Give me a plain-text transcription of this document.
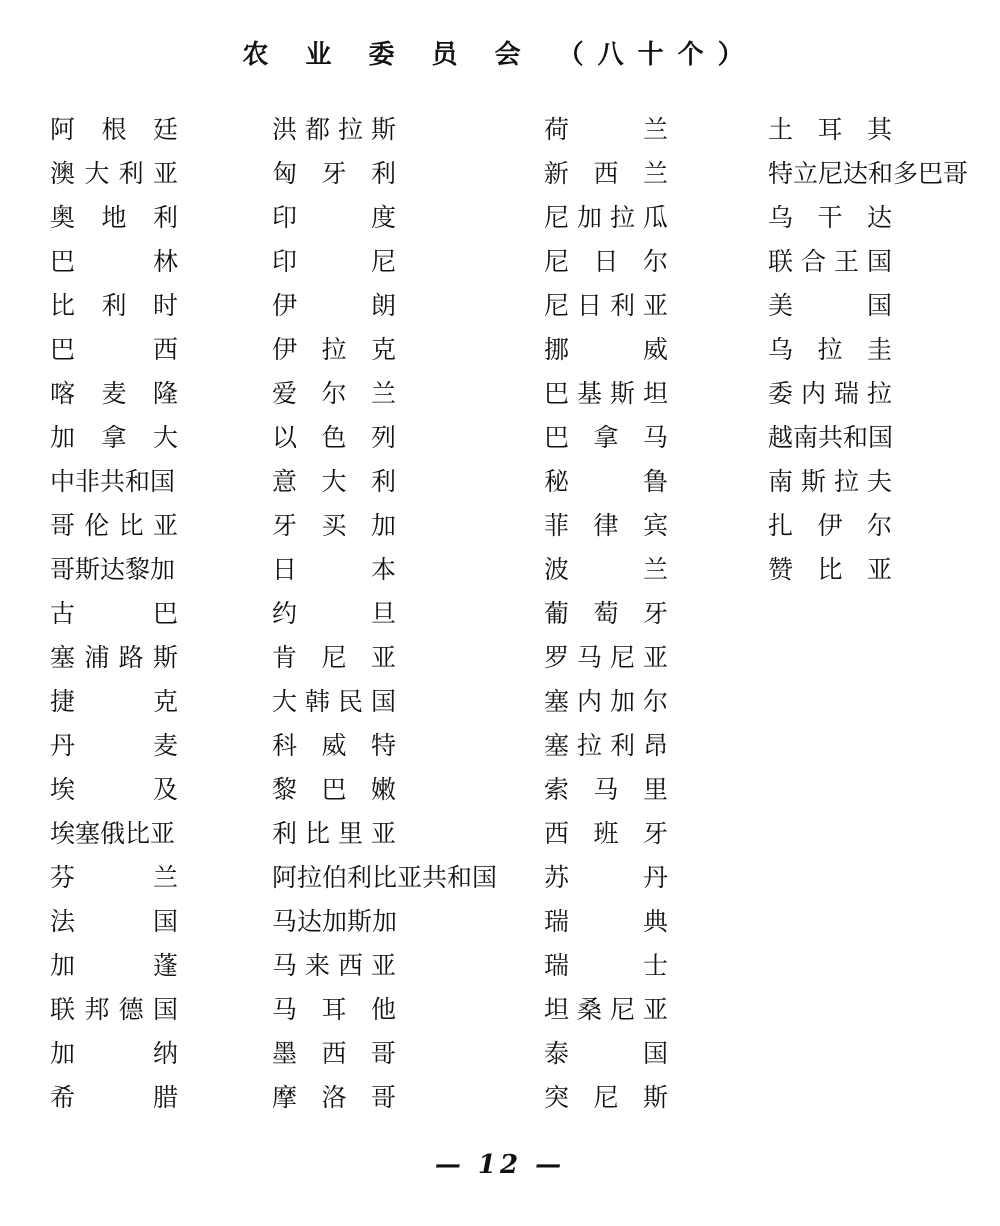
农 业 委 员 会 （八十个）
阿 根 廷
澳 大 利 亚
奥 地 利
巴	林
比 利 时
巴	西
喀 麦 隆
加 拿 大
中非共和国
哥 伦 比 亚
哥斯达黎加
古	巴
塞 浦 路 斯
捷	克
丹	麦
埃	及
埃塞俄比亚
芬	兰
法	国
加	蓬
联 邦 德 国
加	纳
希	腊
洪 都 拉 斯
匈 牙 利
印	度
印	尼
伊	朗
伊 拉 克
爱 尔 兰
以 色 列
意 大 利
牙 买 加
日	本
约	旦
肯 尼 亚
大 韩 民 国
科 威 特
黎 巴 嫩
利 比 里 亚
阿拉伯利比亚共和国
马达加斯加
马 来 西 亚
马 耳 他
墨 西 哥
摩 洛 哥
荷	兰
新 西 兰
尼 加 拉 瓜
尼 日 尔
尼 日 利 亚
挪	威
巴 基 斯 坦
巴 拿 马
秘	鲁
菲 律 宾
波	兰
葡 萄 牙
罗 马 尼 亚
塞 内 加 尔
塞 拉 利 昂
索 马 里
西 班 牙
苏	丹
瑞	典
瑞	士
坦 桑 尼 亚
泰	国
突 尼 斯
土 耳 其
特立尼达和多巴哥
乌 干 达
联 合 王 国
美	国
乌 拉 圭
委 内 瑞 拉
越南共和国
南 斯 拉 夫
扎 伊 尔
赞 比 亚
— 12 —
